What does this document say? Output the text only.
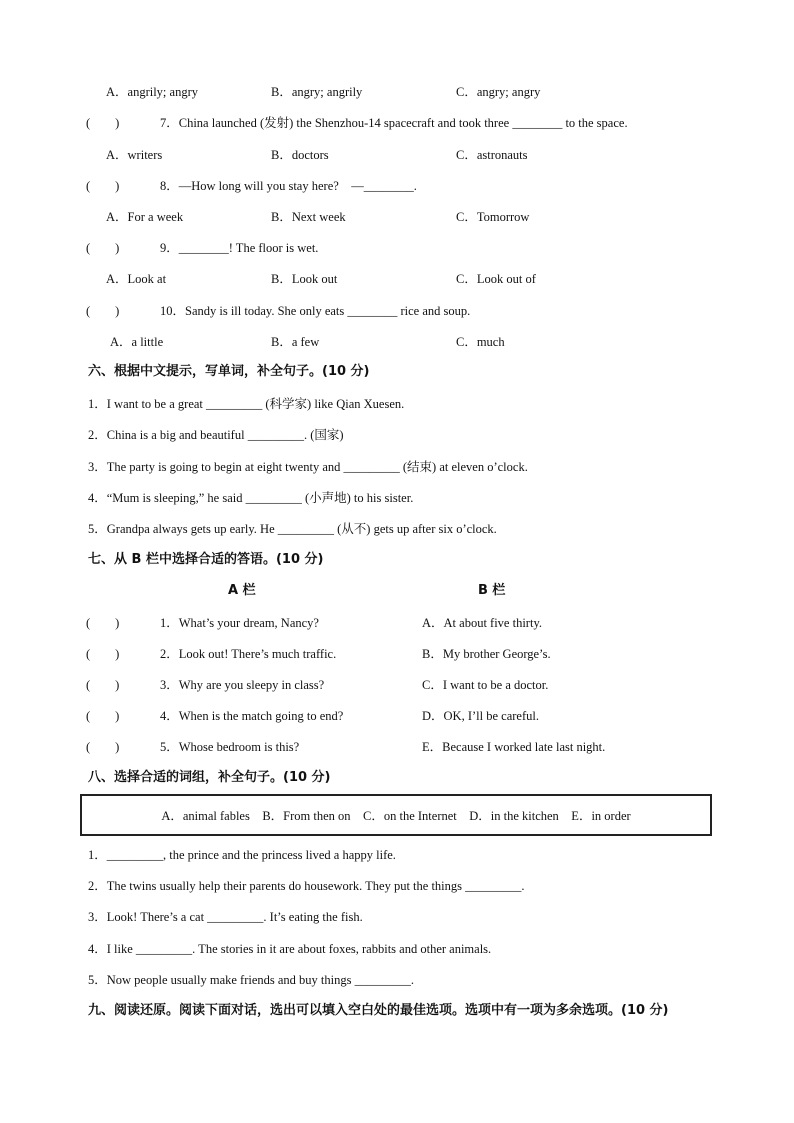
A．angrily; angry	B．angry; angrily	C．angry; angry
(　　)	7．China launched (发射) the Shenzhou-14 spacecraft and took three ________ to the space.
A．writers	B．doctors	C．astronauts
(　　)	8．—How long will you stay here?　—________.
A．For a week	B．Next week	C．Tomorrow
(　　)	9．________! The floor is wet.
A．Look at	B．Look out	C．Look out of
(　　)	10．Sandy is ill today. She only eats ________ rice and soup.
A．a little	B．a few	C．much
六、根据中文提示，写单词，补全句子。(10 分)
1．I want to be a great _________ (科学家) like Qian Xuesen.
2．China is a big and beautiful _________. (国家)
3．The party is going to begin at eight twenty and _________ (结束) at eleven o’clock.
4．“Mum is sleeping,” he said _________ (小声地) to his sister.
5．Grandpa always gets up early. He _________ (从不) gets up after six o’clock.
七、从 B 栏中选择合适的答语。(10 分)
A 栏	B 栏
(　　)	1．What’s your dream, Nancy?	A．At about five thirty.
(　　)	2．Look out! There’s much traffic.	B．My brother George’s.
(　　)	3．Why are you sleepy in class?	C．I want to be a doctor.
(　　)	4．When is the match going to end?	D．OK, I’ll be careful.
(　　)	5．Whose bedroom is this?	E．Because I worked late last night.
八、选择合适的词组，补全句子。(10 分)
A．animal fables　B．From then on　C．on the Internet　D．in the kitchen　E．in order
1．_________, the prince and the princess lived a happy life.
2．The twins usually help their parents do housework. They put the things _________.
3．Look! There’s a cat _________. It’s eating the fish.
4．I like _________. The stories in it are about foxes, rabbits and other animals.
5．Now people usually make friends and buy things _________.
九、阅读还原。阅读下面对话，选出可以填入空白处的最佳选项。选项中有一项为多余选项。(10 分)
